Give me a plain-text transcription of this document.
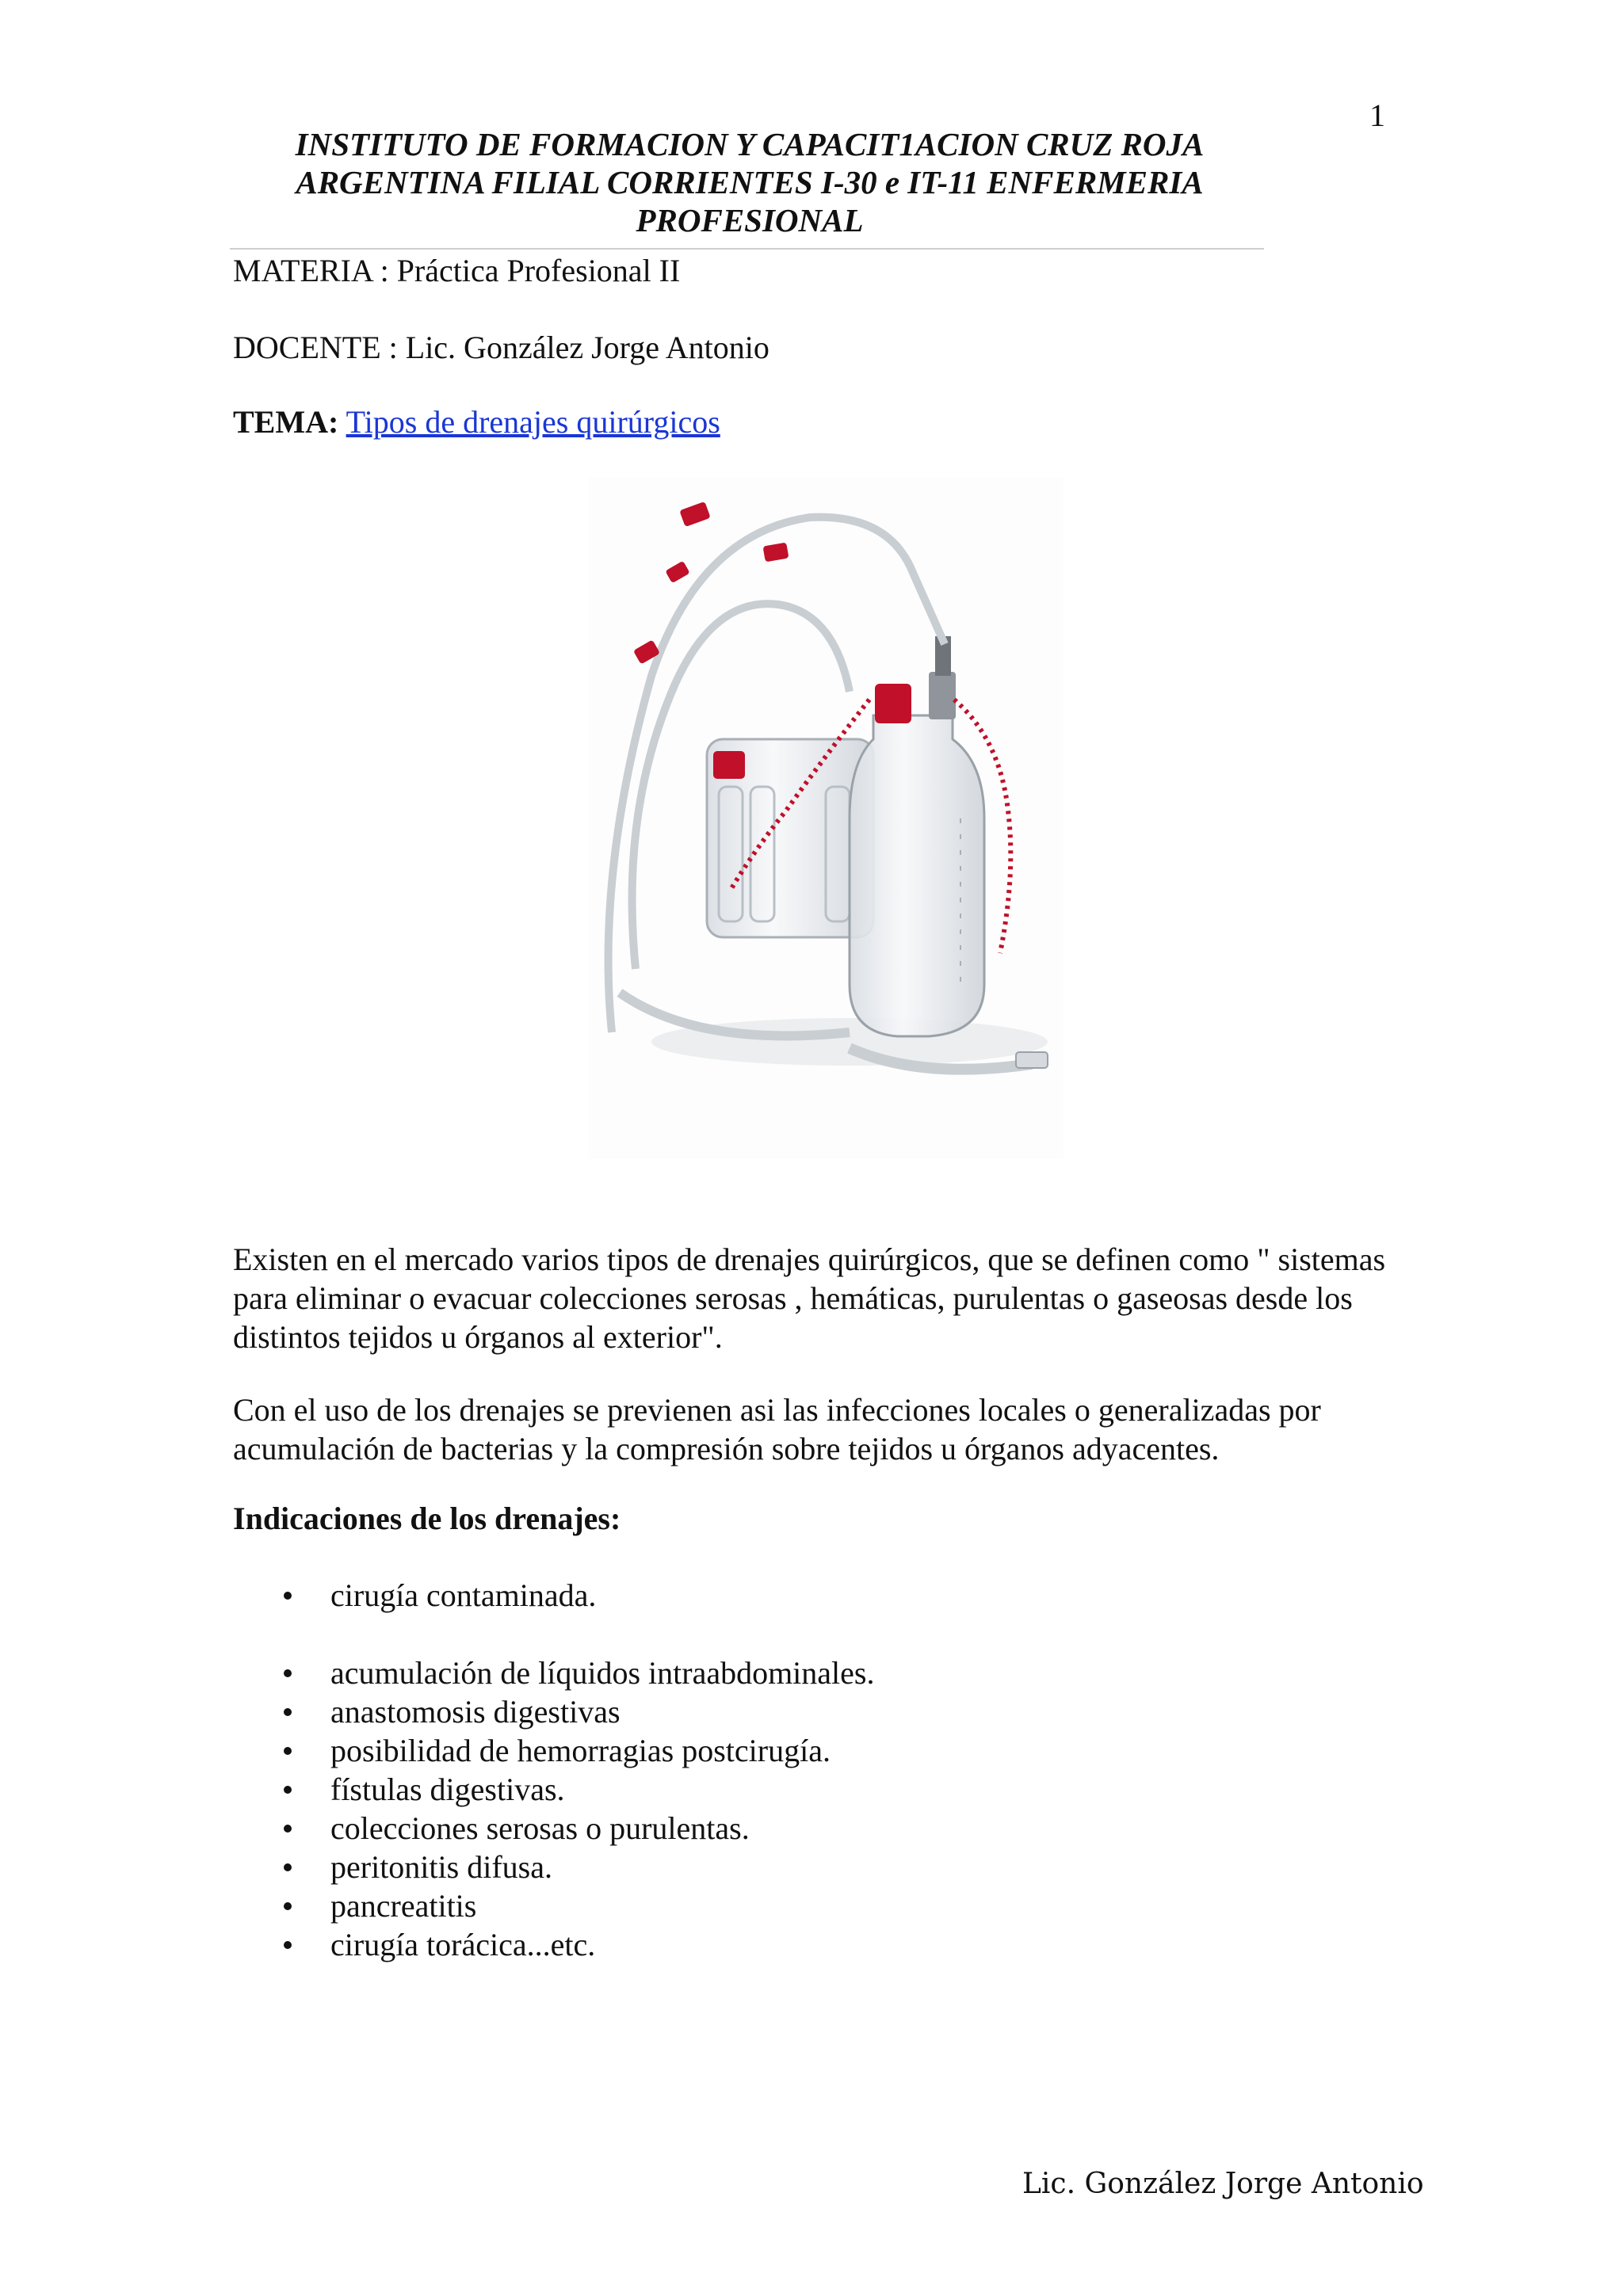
1
INSTITUTO DE FORMACION Y CAPACIT1ACION CRUZ ROJA
ARGENTINA FILIAL CORRIENTES I-30 e IT-11 ENFERMERIA
PROFESIONAL
MATERIA : Práctica Profesional II
DOCENTE : Lic. González Jorge Antonio
TEMA: Tipos de drenajes quirúrgicos

Existen en el mercado varios tipos de drenajes quirúrgicos, que se definen como " sistemas para eliminar o evacuar colecciones serosas , hemáticas, purulentas o gaseosas desde los distintos tejidos u órganos al exterior".

Con el uso de los drenajes se previenen asi las infecciones locales o generalizadas por acumulación de bacterias y la compresión sobre tejidos u órganos adyacentes.

Indicaciones de los drenajes:
cirugía contaminada.
acumulación de líquidos intraabdominales.
anastomosis digestivas
posibilidad de hemorragias postcirugía.
fístulas digestivas.
colecciones serosas o purulentas.
peritonitis difusa.
pancreatitis
cirugía torácica...etc.
Lic. González Jorge Antonio
